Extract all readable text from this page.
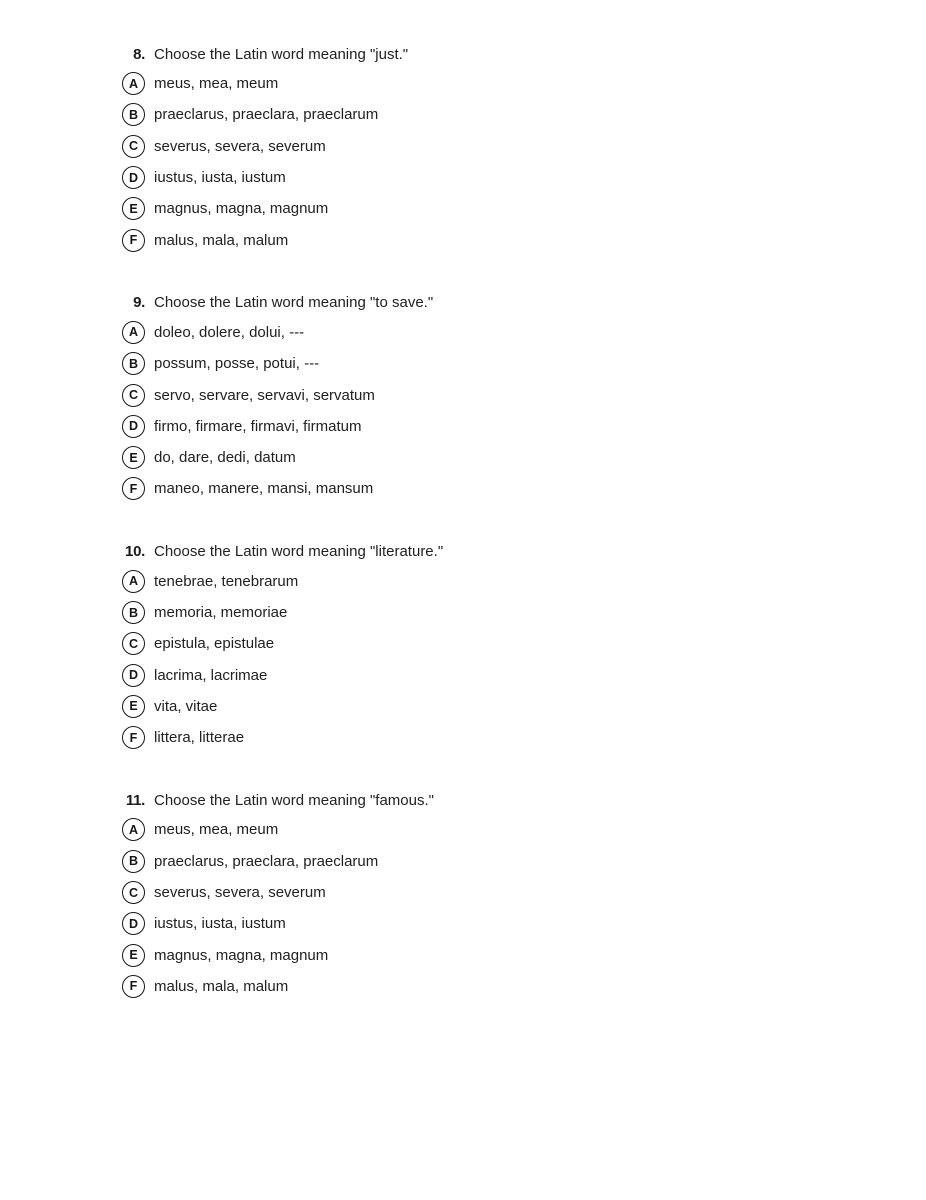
8. Choose the Latin word meaning "just."
A	meus, mea, meum
B	praeclarus, praeclara, praeclarum
C	severus, severa, severum
D	iustus, iusta, iustum
E	magnus, magna, magnum
F	malus, mala, malum
9. Choose the Latin word meaning "to save."
A	doleo, dolere, dolui, ---
B	possum, posse, potui, ---
C	servo, servare, servavi, servatum
D	firmo, firmare, firmavi, firmatum
E	do, dare, dedi, datum
F	maneo, manere, mansi, mansum
10. Choose the Latin word meaning "literature."
A	tenebrae, tenebrarum
B	memoria, memoriae
C	epistula, epistulae
D	lacrima, lacrimae
E	vita, vitae
F	littera, litterae
11. Choose the Latin word meaning "famous."
A	meus, mea, meum
B	praeclarus, praeclara, praeclarum
C	severus, severa, severum
D	iustus, iusta, iustum
E	magnus, magna, magnum
F	malus, mala, malum
